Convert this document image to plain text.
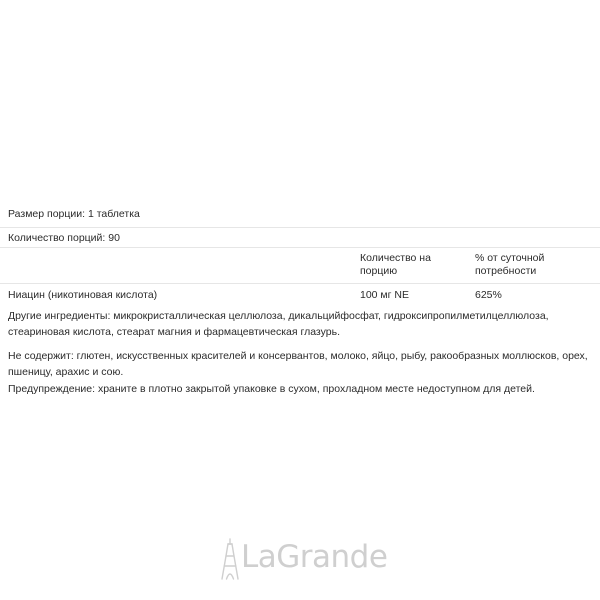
Размер порции: 1 таблетка
Количество порций: 90
Количество на порцию
% от суточной потребности
Ниацин (никотиновая кислота)	100 мг NE	625%
Другие ингредиенты: микрокристаллическая целлюлоза, дикальцийфосфат, гидроксипропилметилцеллюлоза, стеариновая кислота, стеарат магния и фармацевтическая глазурь.
Не содержит: глютен, искусственных красителей и консервантов, молоко, яйцо, рыбу, ракообразных моллюсков, орех, пшеницу, арахис и сою.
Предупреждение: храните в плотно закрытой упаковке в сухом, прохладном месте недоступном для детей.
LaGrande
